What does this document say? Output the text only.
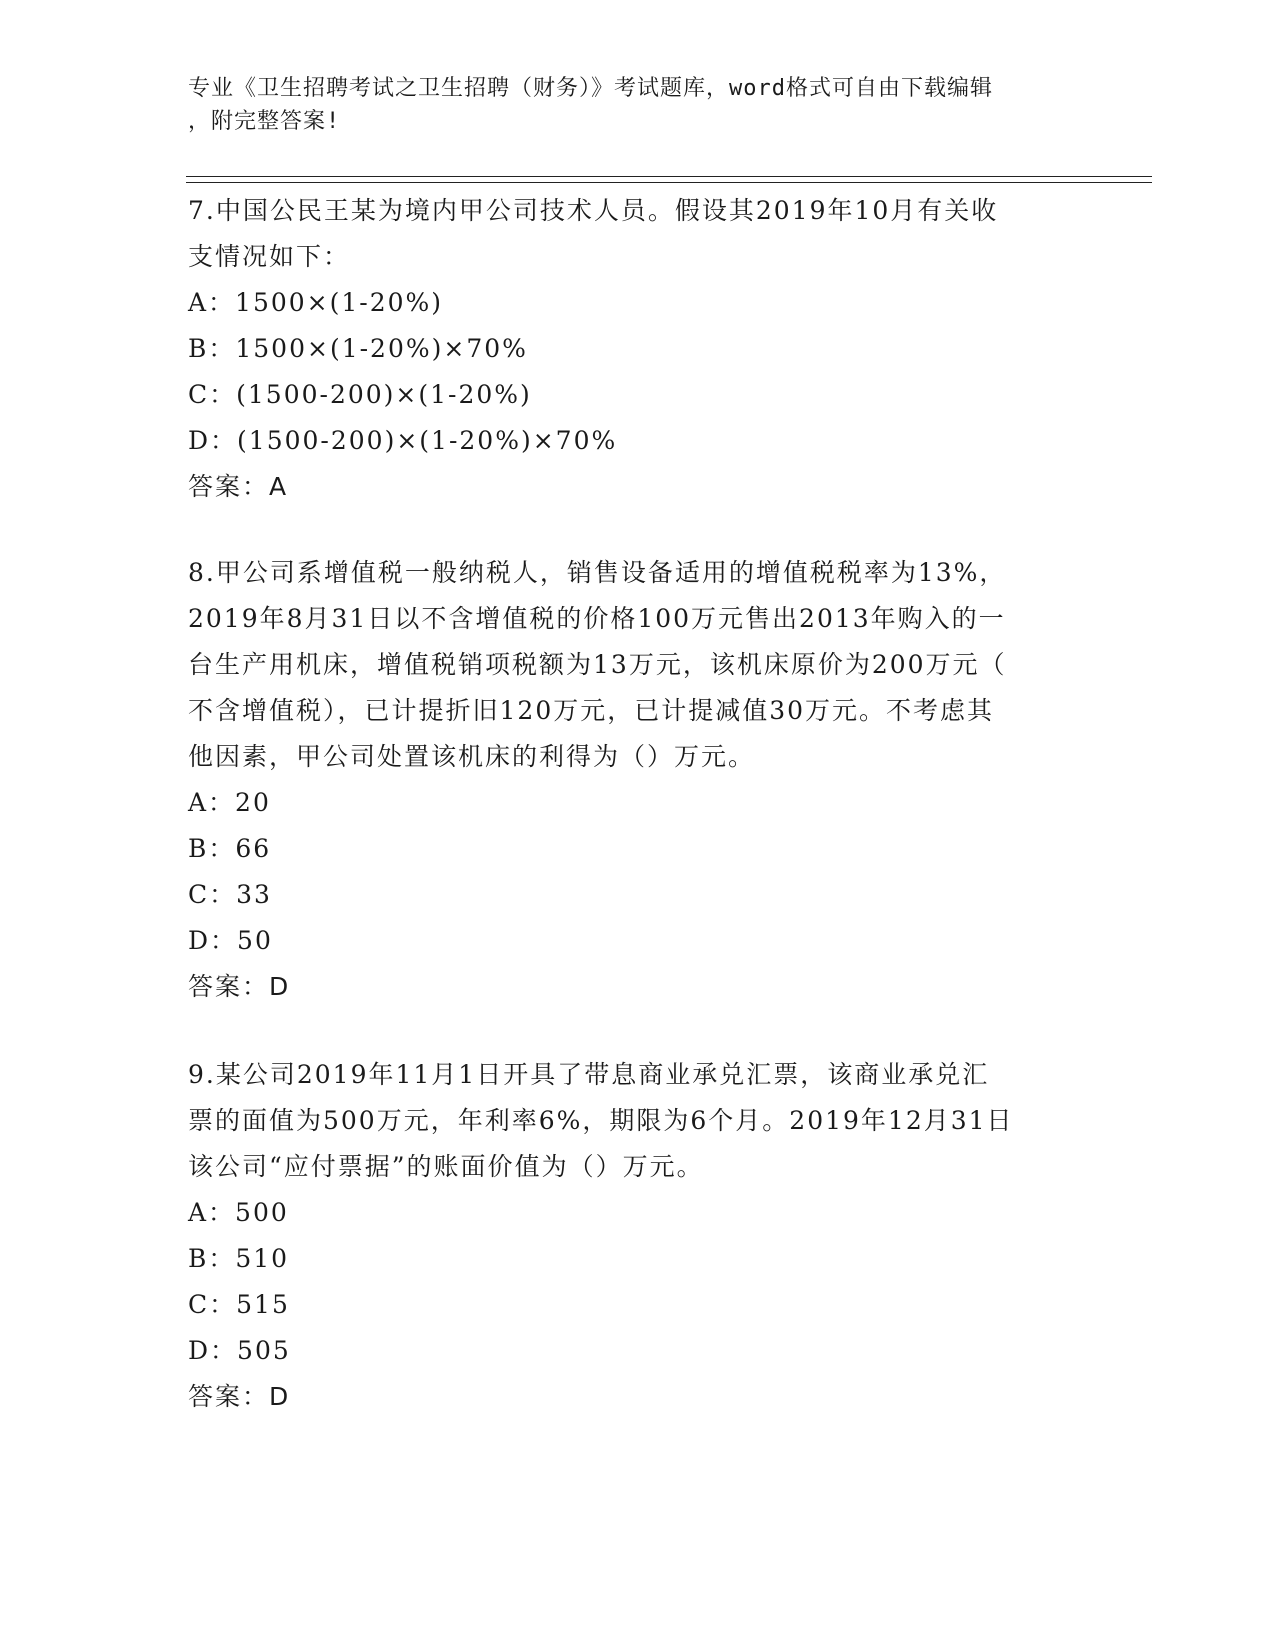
专业《卫生招聘考试之卫生招聘（财务）》考试题库，word格式可自由下载编辑
，附完整答案!
7.中国公民王某为境内甲公司技术人员。假设其2019年10月有关收
支情况如下：
A：1500×(1-20%)
B：1500×(1-20%)×70%
C：(1500-200)×(1-20%)
D：(1500-200)×(1-20%)×70%
答案：A
8.甲公司系增值税一般纳税人，销售设备适用的增值税税率为13%，
2019年8月31日以不含增值税的价格100万元售出2013年购入的一
台生产用机床，增值税销项税额为13万元，该机床原价为200万元（
不含增值税），已计提折旧120万元，已计提减值30万元。不考虑其
他因素，甲公司处置该机床的利得为（）万元。
A：20
B：66
C：33
D：50
答案：D
9.某公司2019年11月1日开具了带息商业承兑汇票，该商业承兑汇
票的面值为500万元，年利率6%，期限为6个月。2019年12月31日
该公司“应付票据”的账面价值为（）万元。
A：500
B：510
C：515
D：505
答案：D
